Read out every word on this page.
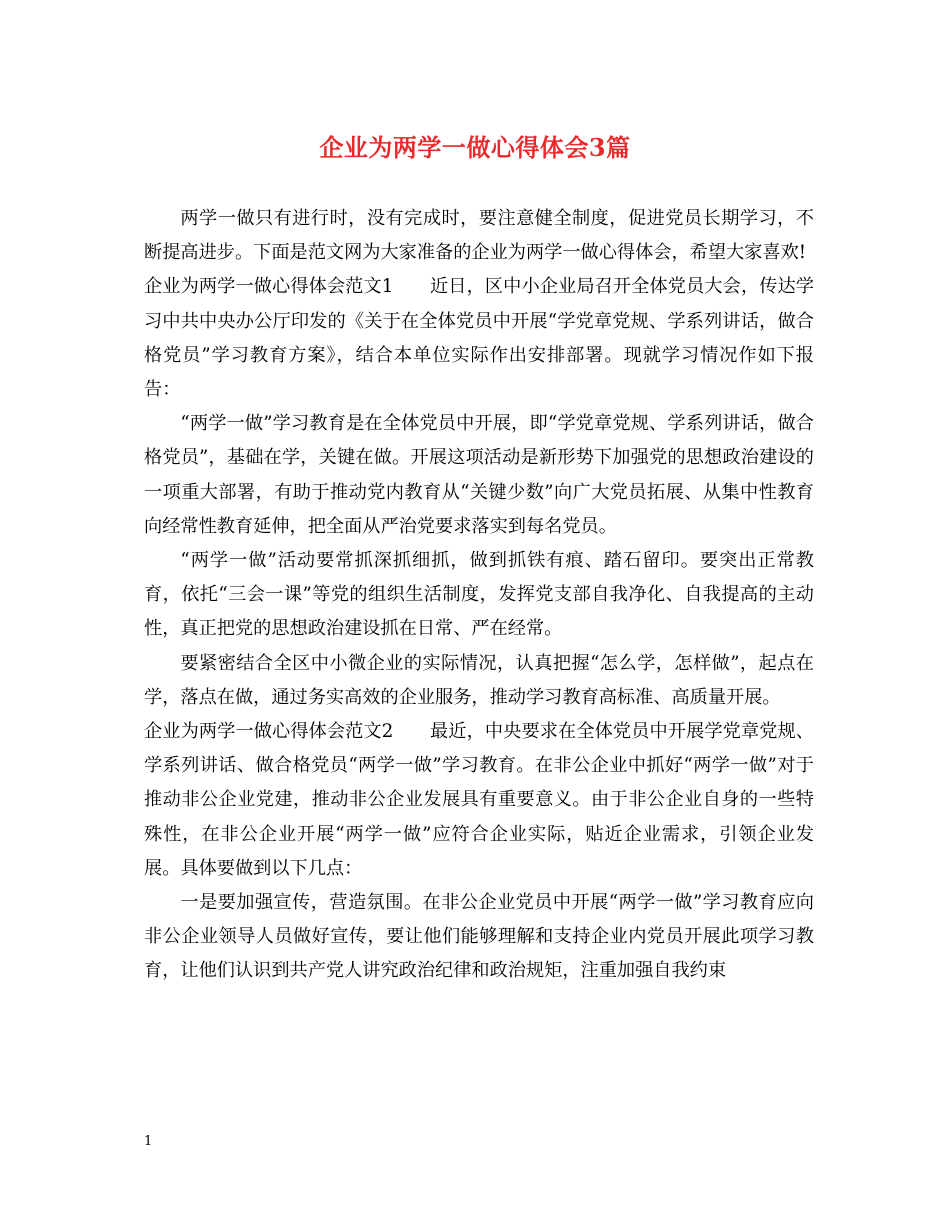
企业为两学一做心得体会3篇

两学一做只有进行时，没有完成时，要注意健全制度，促进党员长期学习，不断提高进步。下面是范文网为大家准备的企业为两学一做心得体会，希望大家喜欢!

企业为两学一做心得体会范文1　　近日，区中小企业局召开全体党员大会，传达学习中共中央办公厅印发的《关于在全体党员中开展“学党章党规、学系列讲话，做合格党员”学习教育方案》，结合本单位实际作出安排部署。现就学习情况作如下报告：

“两学一做”学习教育是在全体党员中开展，即“学党章党规、学系列讲话，做合格党员”，基础在学，关键在做。开展这项活动是新形势下加强党的思想政治建设的一项重大部署，有助于推动党内教育从“关键少数”向广大党员拓展、从集中性教育向经常性教育延伸，把全面从严治党要求落实到每名党员。

“两学一做”活动要常抓深抓细抓，做到抓铁有痕、踏石留印。要突出正常教育，依托“三会一课”等党的组织生活制度，发挥党支部自我净化、自我提高的主动性，真正把党的思想政治建设抓在日常、严在经常。

要紧密结合全区中小微企业的实际情况，认真把握“怎么学，怎样做”，起点在学，落点在做，通过务实高效的企业服务，推动学习教育高标准、高质量开展。

企业为两学一做心得体会范文2　　最近，中央要求在全体党员中开展学党章党规、学系列讲话、做合格党员“两学一做”学习教育。在非公企业中抓好“两学一做”对于推动非公企业党建，推动非公企业发展具有重要意义。由于非公企业自身的一些特殊性，在非公企业开展“两学一做”应符合企业实际，贴近企业需求，引领企业发展。具体要做到以下几点：

一是要加强宣传，营造氛围。在非公企业党员中开展“两学一做”学习教育应向非公企业领导人员做好宣传，要让他们能够理解和支持企业内党员开展此项学习教育，让他们认识到共产党人讲究政治纪律和政治规矩，注重加强自我约束

1
